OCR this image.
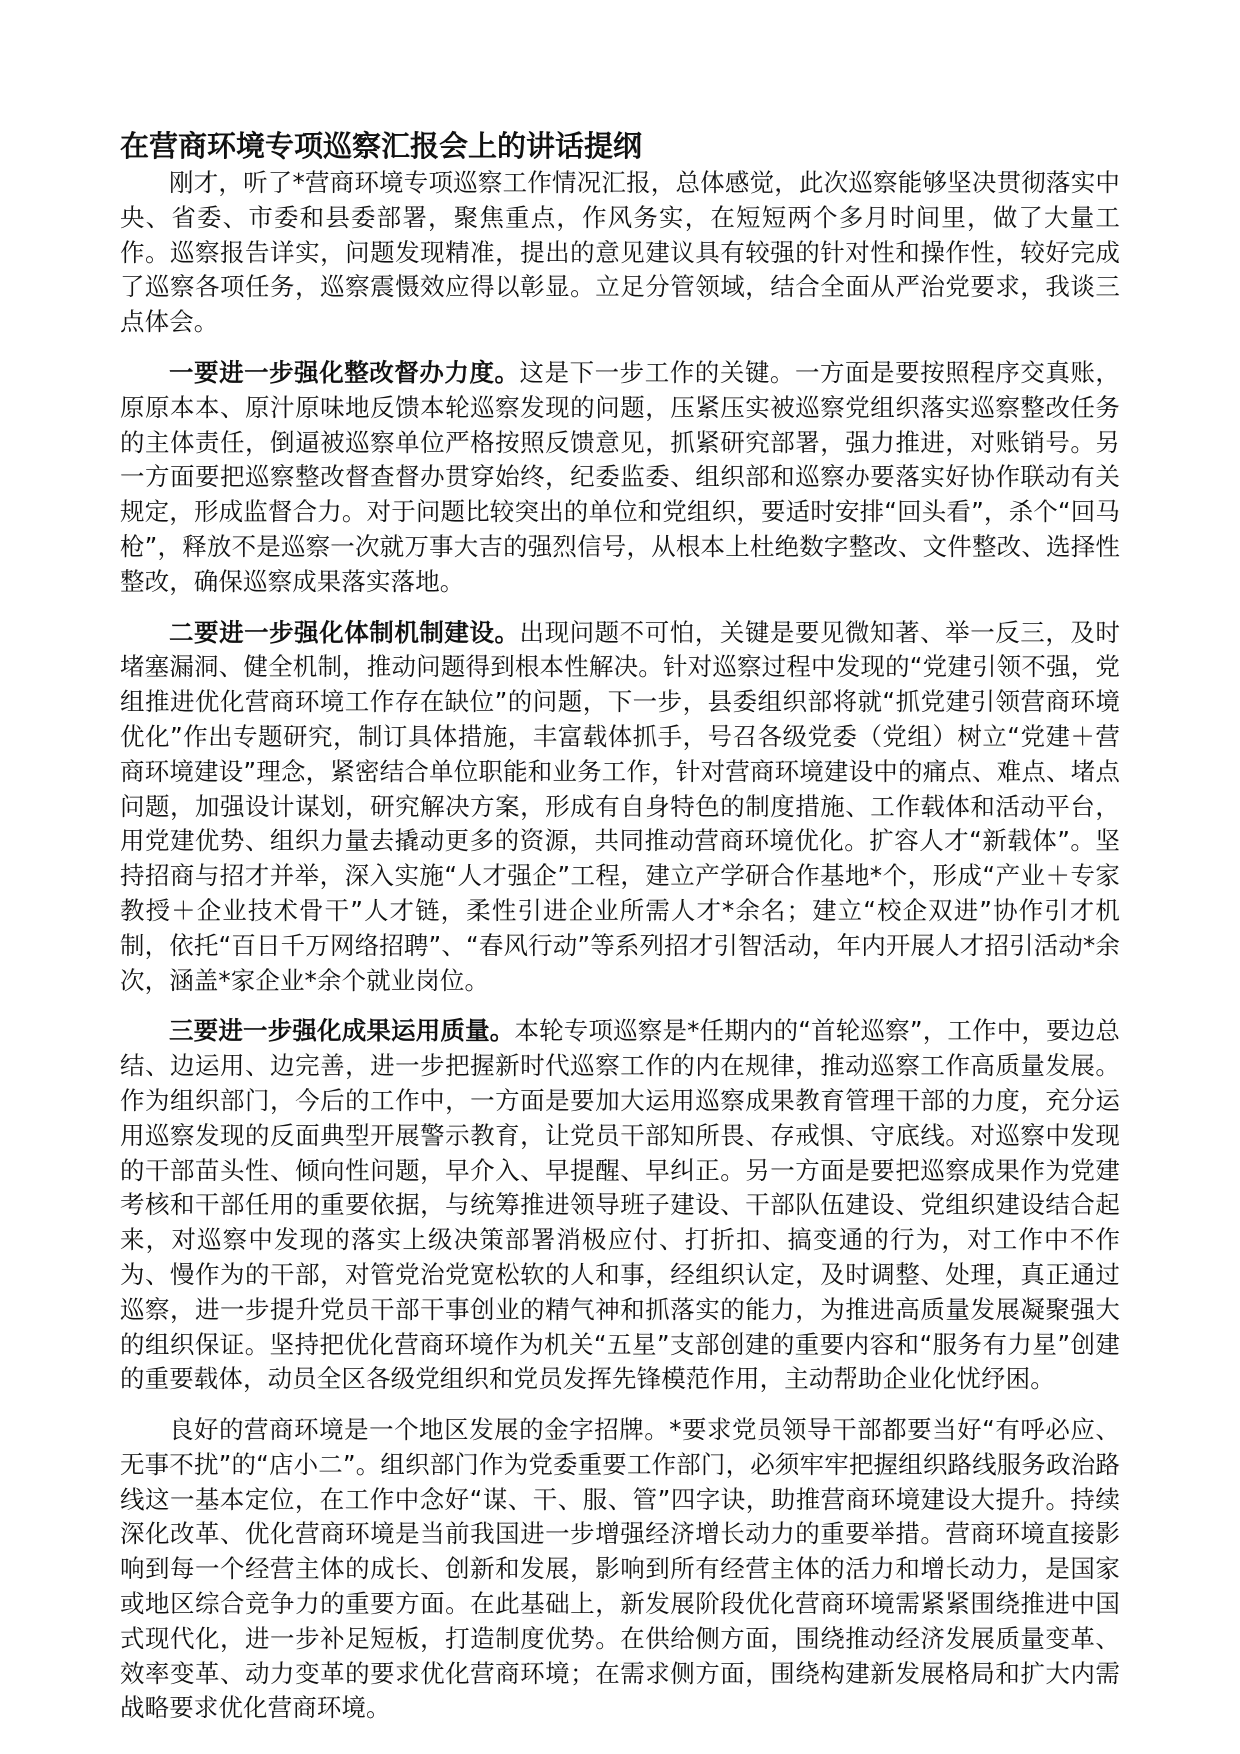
在营商环境专项巡察汇报会上的讲话提纲

刚才，听了*营商环境专项巡察工作情况汇报，总体感觉，此次巡察能够坚决贯彻落实中央、省委、市委和县委部署，聚焦重点，作风务实，在短短两个多月时间里，做了大量工作。巡察报告详实，问题发现精准，提出的意见建议具有较强的针对性和操作性，较好完成了巡察各项任务，巡察震慑效应得以彰显。立足分管领域，结合全面从严治党要求，我谈三点体会。

一要进一步强化整改督办力度。这是下一步工作的关键。一方面是要按照程序交真账，原原本本、原汁原味地反馈本轮巡察发现的问题，压紧压实被巡察党组织落实巡察整改任务的主体责任，倒逼被巡察单位严格按照反馈意见，抓紧研究部署，强力推进，对账销号。另一方面要把巡察整改督查督办贯穿始终，纪委监委、组织部和巡察办要落实好协作联动有关规定，形成监督合力。对于问题比较突出的单位和党组织，要适时安排“回头看”，杀个“回马枪”，释放不是巡察一次就万事大吉的强烈信号，从根本上杜绝数字整改、文件整改、选择性整改，确保巡察成果落实落地。

二要进一步强化体制机制建设。出现问题不可怕，关键是要见微知著、举一反三，及时堵塞漏洞、健全机制，推动问题得到根本性解决。针对巡察过程中发现的“党建引领不强，党组推进优化营商环境工作存在缺位”的问题，下一步，县委组织部将就“抓党建引领营商环境优化”作出专题研究，制订具体措施，丰富载体抓手，号召各级党委（党组）树立“党建＋营商环境建设”理念，紧密结合单位职能和业务工作，针对营商环境建设中的痛点、难点、堵点问题，加强设计谋划，研究解决方案，形成有自身特色的制度措施、工作载体和活动平台，用党建优势、组织力量去撬动更多的资源，共同推动营商环境优化。扩容人才“新载体”。坚持招商与招才并举，深入实施“人才强企”工程，建立产学研合作基地*个，形成“产业＋专家教授＋企业技术骨干”人才链，柔性引进企业所需人才*余名；建立“校企双进”协作引才机制，依托“百日千万网络招聘”、“春风行动”等系列招才引智活动，年内开展人才招引活动*余次，涵盖*家企业*余个就业岗位。

三要进一步强化成果运用质量。本轮专项巡察是*任期内的“首轮巡察”，工作中，要边总结、边运用、边完善，进一步把握新时代巡察工作的内在规律，推动巡察工作高质量发展。作为组织部门，今后的工作中，一方面是要加大运用巡察成果教育管理干部的力度，充分运用巡察发现的反面典型开展警示教育，让党员干部知所畏、存戒惧、守底线。对巡察中发现的干部苗头性、倾向性问题，早介入、早提醒、早纠正。另一方面是要把巡察成果作为党建考核和干部任用的重要依据，与统筹推进领导班子建设、干部队伍建设、党组织建设结合起来，对巡察中发现的落实上级决策部署消极应付、打折扣、搞变通的行为，对工作中不作为、慢作为的干部，对管党治党宽松软的人和事，经组织认定，及时调整、处理，真正通过巡察，进一步提升党员干部干事创业的精气神和抓落实的能力，为推进高质量发展凝聚强大的组织保证。坚持把优化营商环境作为机关“五星”支部创建的重要内容和“服务有力星”创建的重要载体，动员全区各级党组织和党员发挥先锋模范作用，主动帮助企业化忧纾困。

良好的营商环境是一个地区发展的金字招牌。*要求党员领导干部都要当好“有呼必应、无事不扰”的“店小二”。组织部门作为党委重要工作部门，必须牢牢把握组织路线服务政治路线这一基本定位，在工作中念好“谋、干、服、管”四字诀，助推营商环境建设大提升。持续深化改革、优化营商环境是当前我国进一步增强经济增长动力的重要举措。营商环境直接影响到每一个经营主体的成长、创新和发展，影响到所有经营主体的活力和增长动力，是国家或地区综合竞争力的重要方面。在此基础上，新发展阶段优化营商环境需紧紧围绕推进中国式现代化，进一步补足短板，打造制度优势。在供给侧方面，围绕推动经济发展质量变革、效率变革、动力变革的要求优化营商环境；在需求侧方面，围绕构建新发展格局和扩大内需战略要求优化营商环境。
